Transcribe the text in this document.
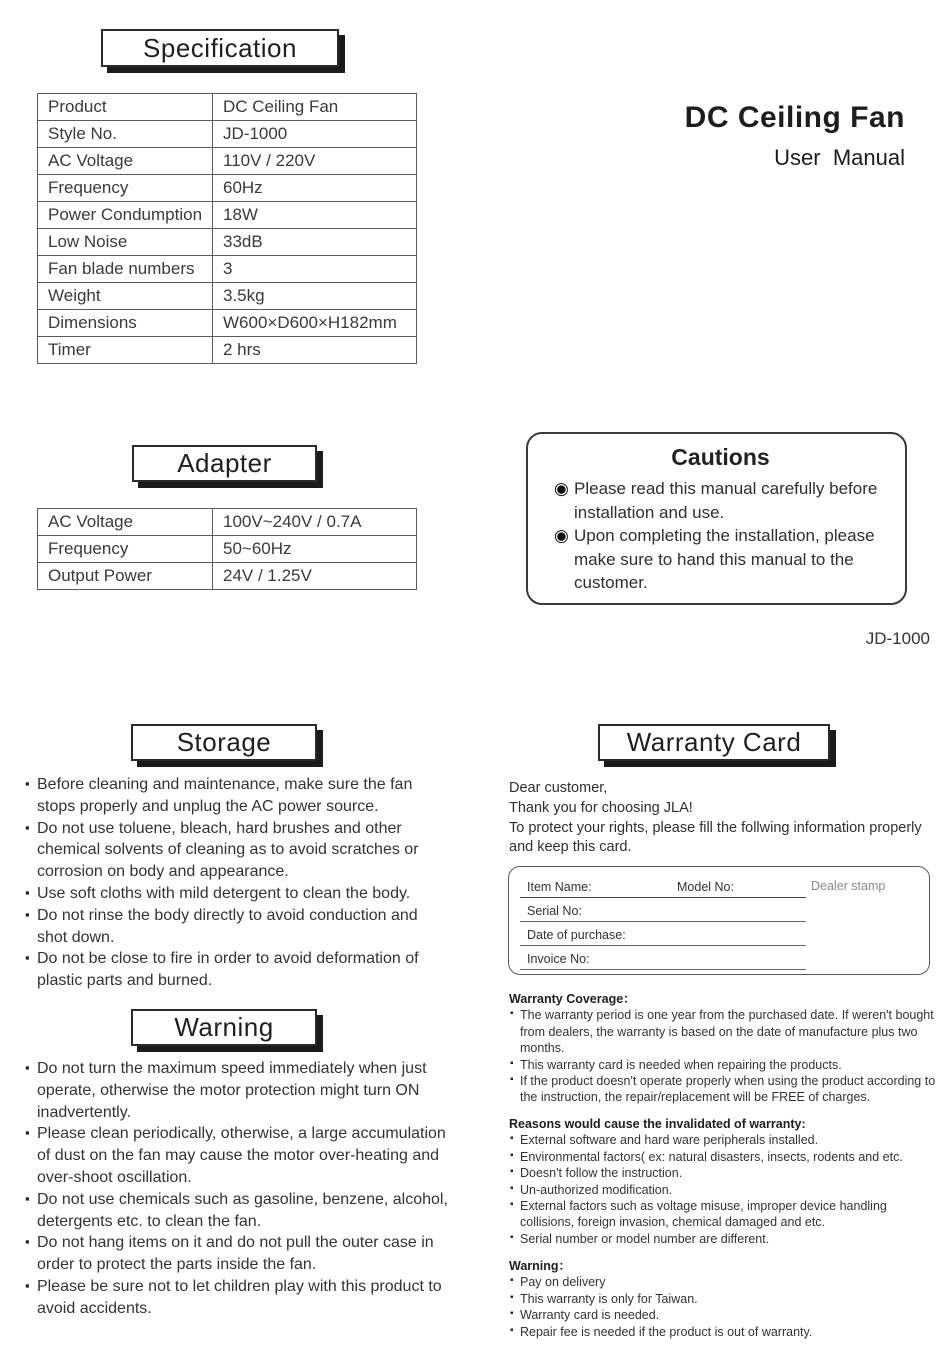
Specification
DC Ceiling Fan
User  Manual
Product	DC Ceiling Fan
Style No.	JD-1000
AC Voltage	110V / 220V
Frequency	60Hz
Power Condumption	18W
Low Noise	33dB
Fan blade numbers	3
Weight	3.5kg
Dimensions	W600×D600×H182mm
Timer	2 hrs
Adapter
AC Voltage	100V~240V / 0.7A
Frequency	50~60Hz
Output Power	24V / 1.25V
Cautions
◉ Please read this manual carefully before installation and use.
◉ Upon completing the installation, please make sure to hand this manual to the customer.
JD-1000
Storage
▪ Before cleaning and maintenance, make sure the fan stops properly and unplug the AC power source.
▪ Do not use toluene, bleach, hard brushes and other chemical solvents of cleaning as to avoid scratches or corrosion on body and appearance.
▪ Use soft cloths with mild detergent to clean the body.
▪ Do not rinse the body directly to avoid conduction and shot down.
▪ Do not be close to fire in order to avoid deformation of plastic parts and burned.
Warning
▪ Do not turn the maximum speed immediately when just operate, otherwise the motor protection might turn ON inadvertently.
▪ Please clean periodically, otherwise, a large accumulation of dust on the fan may cause the motor over-heating and over-shoot oscillation.
▪ Do not use chemicals such as gasoline, benzene, alcohol, detergents etc. to clean the fan.
▪ Do not hang items on it and do not pull the outer case in order to protect the parts inside the fan.
▪ Please be sure not to let children play with this product to avoid accidents.
Warranty Card
Dear customer,
Thank you for choosing JLA!
To protect your rights, please fill the follwing information properly and keep this card.
Item Name:	Model No:
Serial No:
Date of purchase:
Invoice No:
Dealer stamp
Warranty Coverage：
▪ The warranty period is one year from the purchased date. If weren't bought from dealers, the warranty is based on the date of manufacture plus two months.
▪ This warranty card is needed when repairing the products.
▪ If the product doesn't operate properly when using the product according to the instruction, the repair/replacement will be FREE of charges.
Reasons would cause the invalidated of warranty:
▪ External software and hard ware peripherals installed.
▪ Environmental factors( ex: natural disasters, insects, rodents and etc.
▪ Doesn't follow the instruction.
▪ Un-authorized modification.
▪ External factors such as voltage misuse, improper device handling collisions, foreign invasion, chemical damaged and etc.
▪ Serial number or model number are different.
Warning：
▪ Pay on delivery
▪ This warranty is only for Taiwan.
▪ Warranty card is needed.
▪ Repair fee is needed if the product is out of warranty.
